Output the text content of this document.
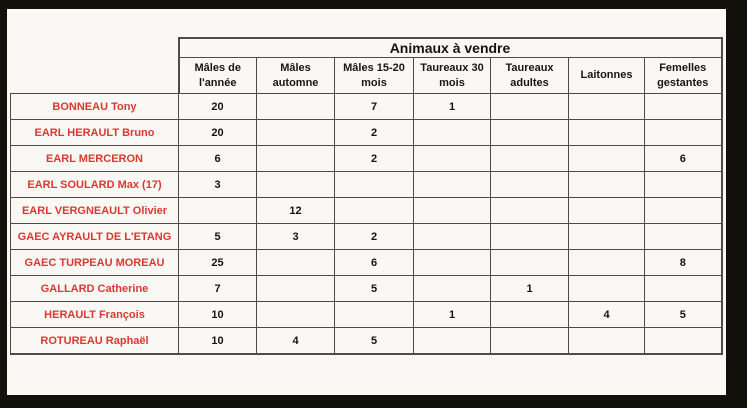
	Animaux à vendre						
	Mâles de l'année	Mâles automne	Mâles 15-20 mois	Taureaux 30 mois	Taureaux adultes	Laitonnes	Femelles gestantes
BONNEAU Tony	20		7	1			
EARL HERAULT Bruno	20		2				
EARL MERCERON	6		2				6
EARL SOULARD Max (17)	3						
EARL VERGNEAULT Olivier		12					
GAEC AYRAULT DE L'ETANG	5	3	2				
GAEC TURPEAU MOREAU	25		6				8
GALLARD Catherine	7		5		1		
HERAULT François	10			1		4	5
ROTUREAU Raphaël	10	4	5				
